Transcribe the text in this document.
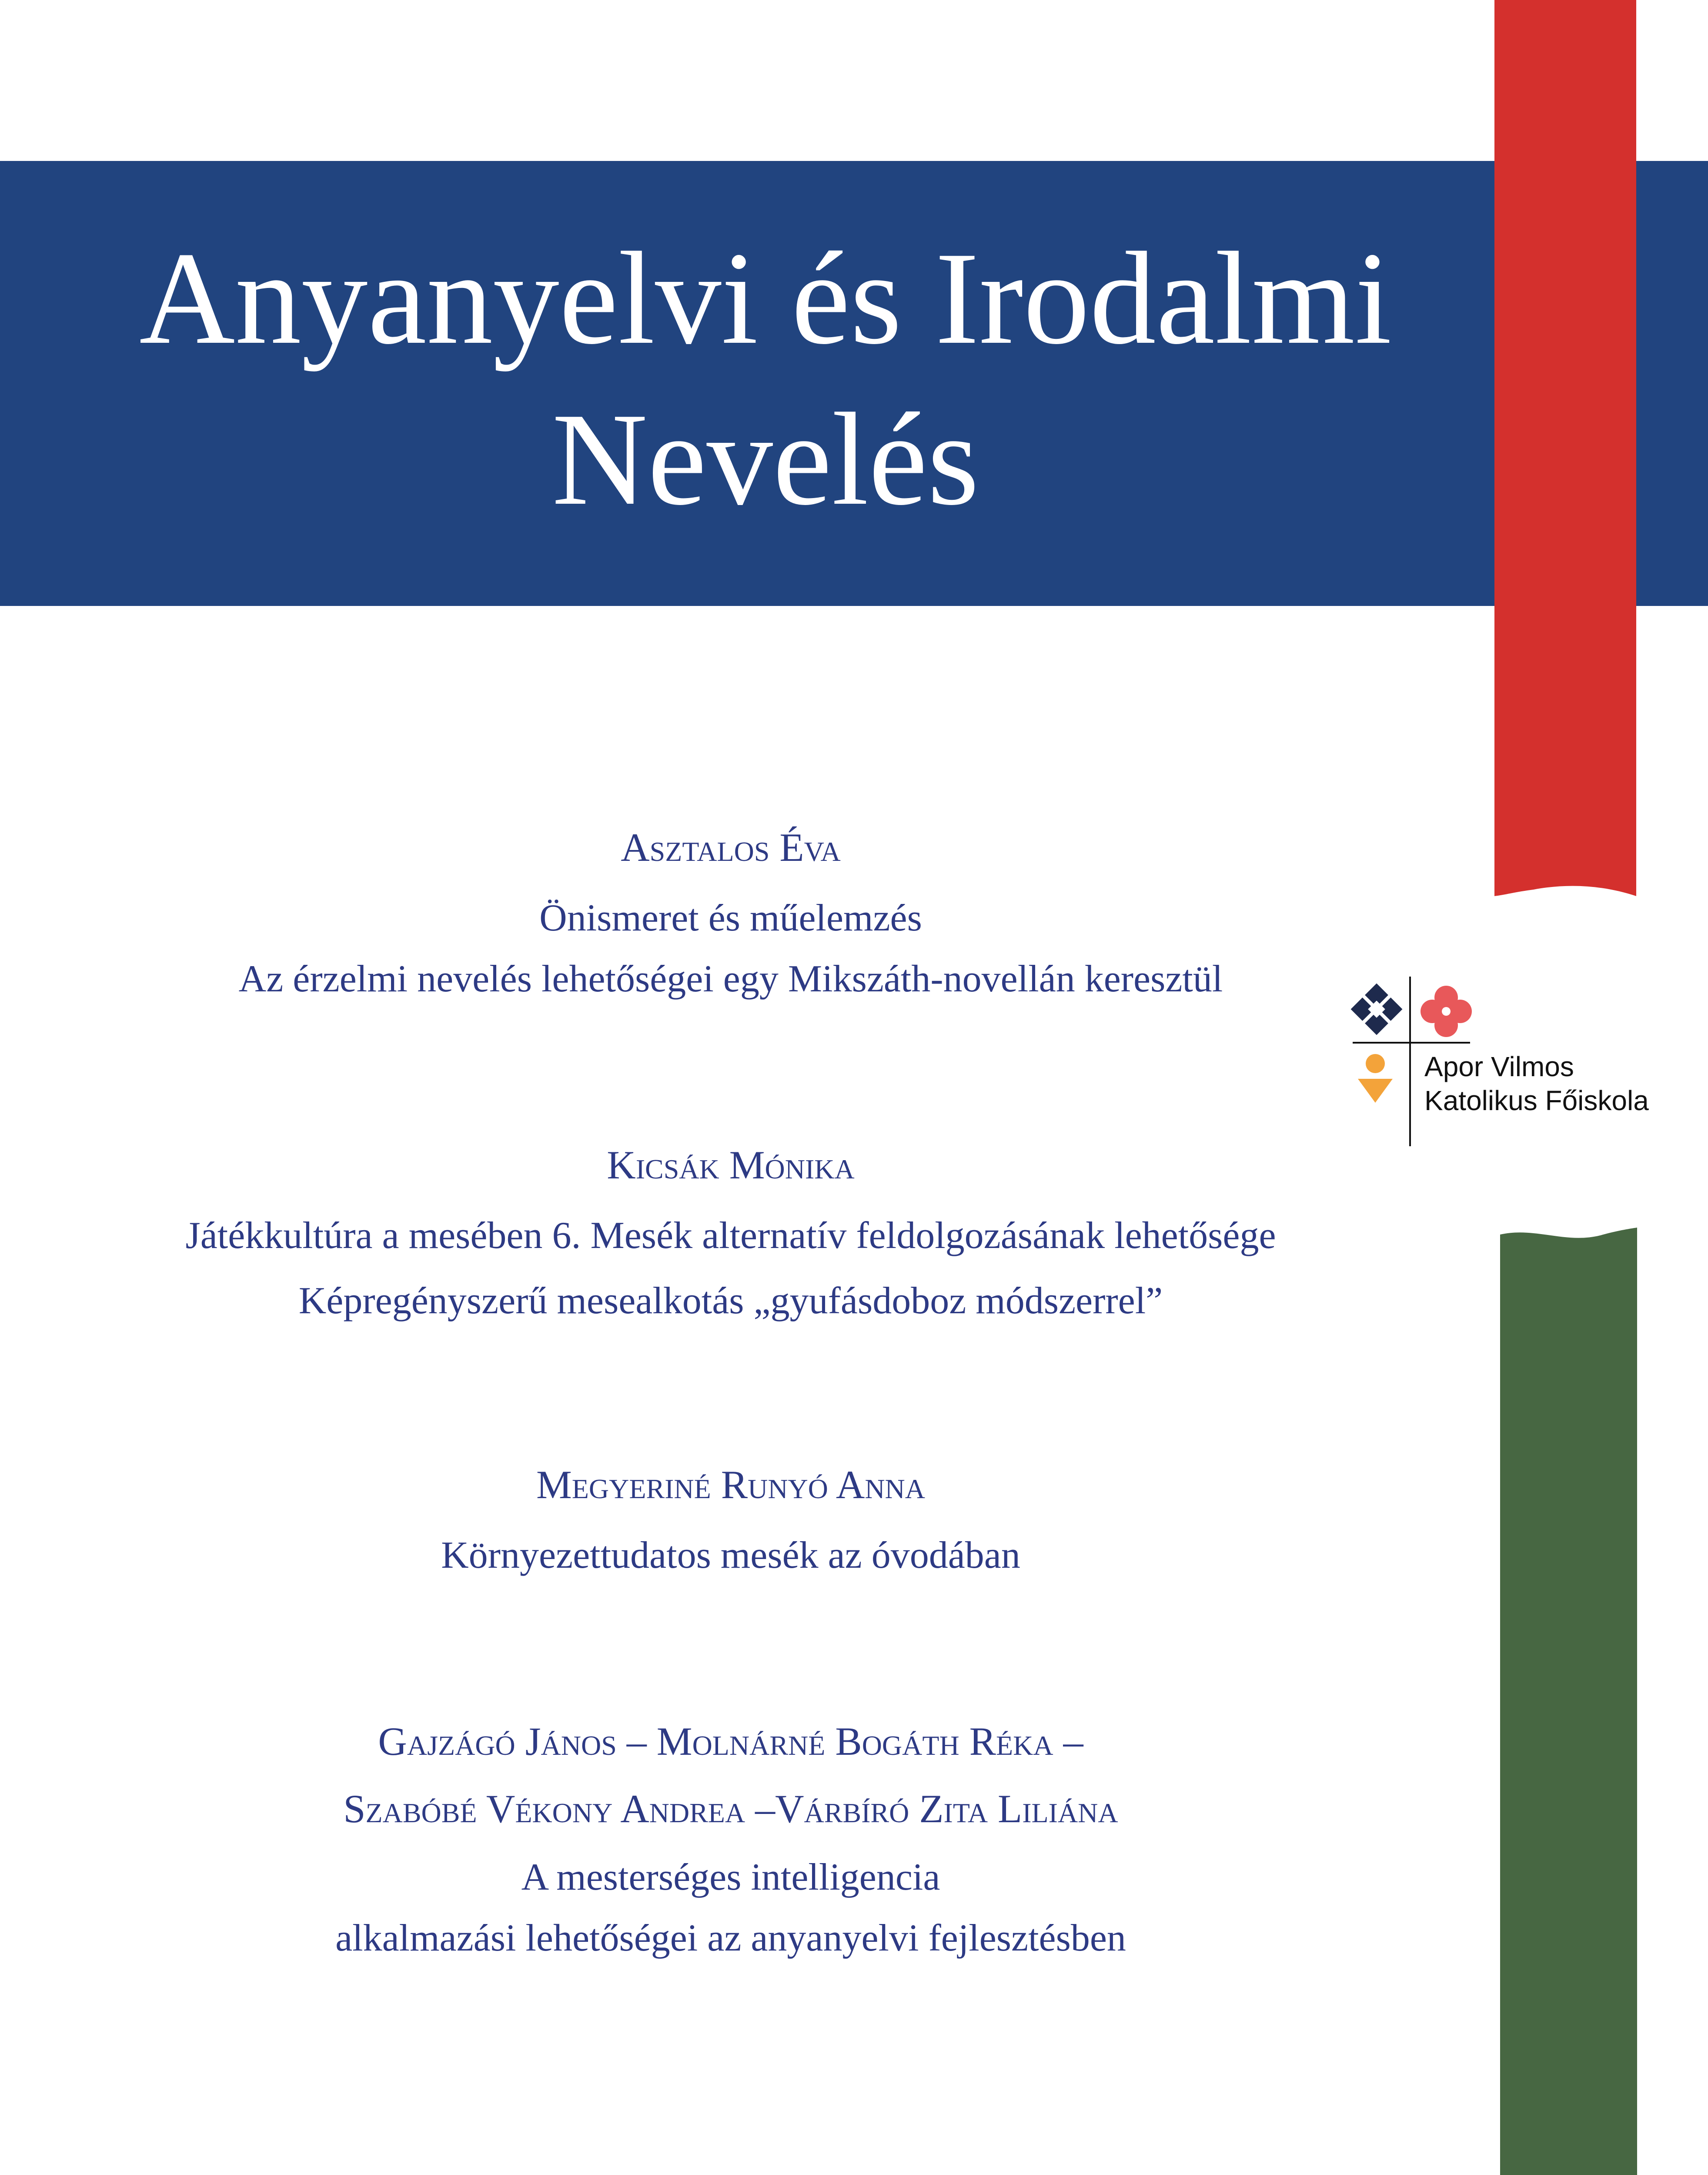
Anyanyelvi és Irodalmi
Nevelés
Asztalos Éva
Önismeret és műelemzés
Az érzelmi nevelés lehetőségei egy Mikszáth-novellán keresztül
Kicsák Mónika
Játékkultúra a mesében 6. Mesék alternatív feldolgozásának lehetősége
Képregényszerű mesealkotás „gyufásdoboz módszerrel”
Megyeriné Runyó Anna
Környezettudatos mesék az óvodában
Gajzágó János – Molnárné Bogáth Réka –
Szabóbé Vékony Andrea –Várbíró Zita Liliána
A mesterséges intelligencia
alkalmazási lehetőségei az anyanyelvi fejlesztésben
Apor Vilmos
Katolikus Főiskola
